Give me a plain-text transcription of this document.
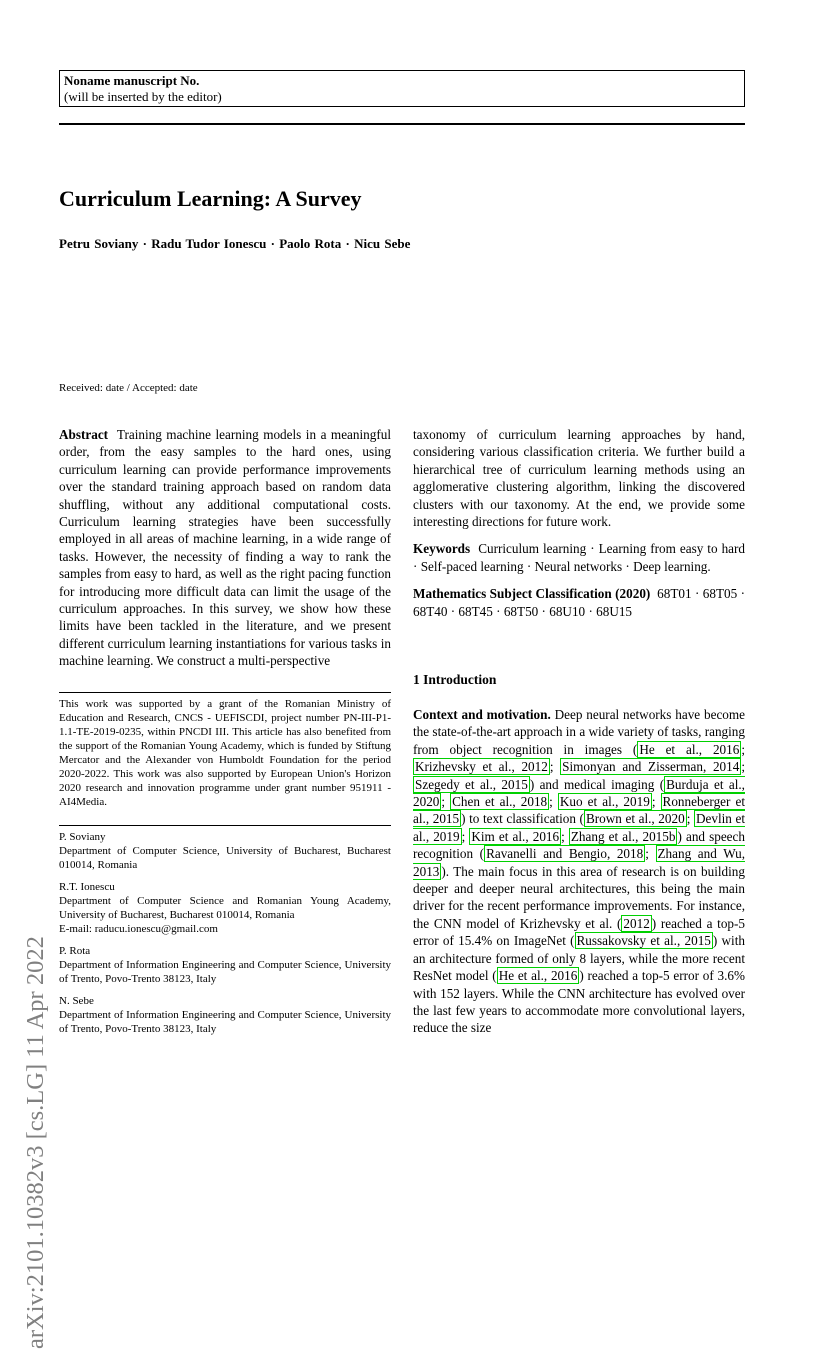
Noname manuscript No.
(will be inserted by the editor)
Curriculum Learning: A Survey
Petru Soviany · Radu Tudor Ionescu · Paolo Rota · Nicu Sebe
arXiv:2101.10382v3 [cs.LG] 11 Apr 2022
Received: date / Accepted: date

Abstract Training machine learning models in a meaningful order, from the easy samples to the hard ones, using curriculum learning can provide performance improvements over the standard training approach based on random data shuffling, without any additional computational costs. Curriculum learning strategies have been successfully employed in all areas of machine learning, in a wide range of tasks. However, the necessity of finding a way to rank the samples from easy to hard, as well as the right pacing function for introducing more difficult data can limit the usage of the curriculum approaches. In this survey, we show how these limits have been tackled in the literature, and we present different curriculum learning instantiations for various tasks in machine learning. We construct a multi-perspective

taxonomy of curriculum learning approaches by hand, considering various classification criteria. We further build a hierarchical tree of curriculum learning methods using an agglomerative clustering algorithm, linking the discovered clusters with our taxonomy. At the end, we provide some interesting directions for future work.

Keywords Curriculum learning · Learning from easy to hard · Self-paced learning · Neural networks · Deep learning.

Mathematics Subject Classification (2020) 68T01 · 68T05 · 68T40 · 68T45 · 68T50 · 68U10 · 68U15

1 Introduction
Context and motivation. Deep neural networks have become the state-of-the-art approach in a wide variety of tasks, ranging from object recognition in images ( He et al., 2016 ; Krizhevsky et al., 2012 ; Simonyan and Zisserman, 2014 ; Szegedy et al., 2015 ) and medical imaging ( Burduja et al., 2020 ; Chen et al., 2018 ; Kuo et al., 2019 ; Ronneberger et al., 2015 ) to text classification ( Brown et al., 2020 ; Devlin et al., 2019 ; Kim et al., 2016 ; Zhang et al., 2015b ) and speech recognition ( Ravanelli and Bengio, 2018 ; Zhang and Wu, 2013 ). The main focus in this area of research is on building deeper and deeper neural architectures, this being the main driver for the recent performance improvements. For instance, the CNN model of Krizhevsky et al. ( 2012 ) reached a top-5 error of 15.4% on ImageNet ( Russakovsky et al., 2015 ) with an architecture formed of only 8 layers, while the more recent ResNet model ( He et al., 2016 ) reached a top-5 error of 3.6% with 152 layers. While the CNN architecture has evolved over the last few years to accommodate more convolutional layers, reduce the size
This work was supported by a grant of the Romanian Ministry of Education and Research, CNCS - UEFISCDI, project number PN-III-P1-1.1-TE-2019-0235, within PNCDI III. This article has also benefited from the support of the Romanian Young Academy, which is funded by Stiftung Mercator and the Alexander von Humboldt Foundation for the period 2020-2022. This work was also supported by European Union's Horizon 2020 research and innovation programme under grant number 951911 - AI4Media.
P. Soviany
Department of Computer Science, University of Bucharest, Bucharest 010014, Romania
R.T. Ionescu
Department of Computer Science and Romanian Young Academy, University of Bucharest, Bucharest 010014, Romania
E-mail: raducu.ionescu@gmail.com
P. Rota
Department of Information Engineering and Computer Science, University of Trento, Povo-Trento 38123, Italy
N. Sebe
Department of Information Engineering and Computer Science, University of Trento, Povo-Trento 38123, Italy
